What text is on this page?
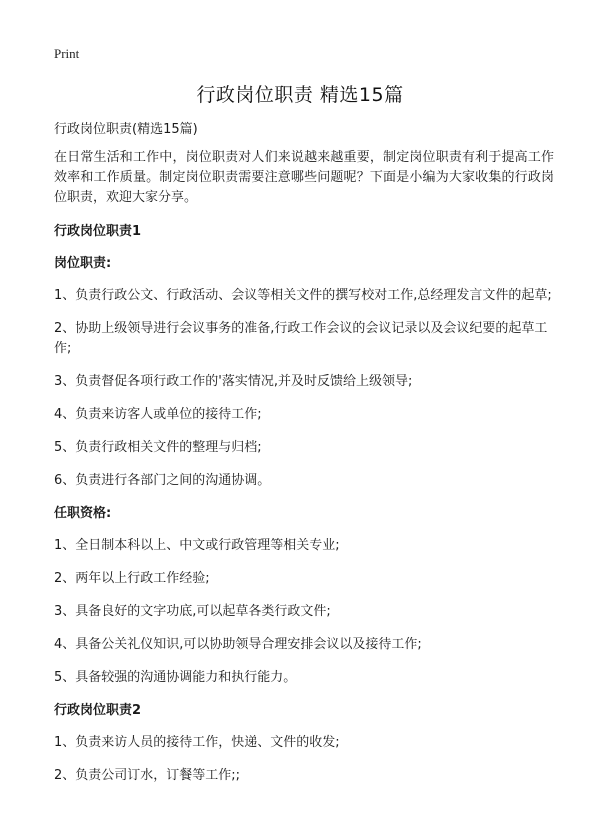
Print
行政岗位职责 精选15篇

行政岗位职责(精选15篇)

在日常生活和工作中，岗位职责对人们来说越来越重要，制定岗位职责有利于提高工作效率和工作质量。制定岗位职责需要注意哪些问题呢？下面是小编为大家收集的行政岗位职责，欢迎大家分享。

行政岗位职责1

岗位职责:

1、负责行政公文、行政活动、会议等相关文件的撰写校对工作,总经理发言文件的起草;

2、协助上级领导进行会议事务的准备,行政工作会议的会议记录以及会议纪要的起草工作;

3、负责督促各项行政工作的'落实情况,并及时反馈给上级领导;

4、负责来访客人或单位的接待工作;

5、负责行政相关文件的整理与归档;

6、负责进行各部门之间的沟通协调。

任职资格:

1、全日制本科以上、中文或行政管理等相关专业;

2、两年以上行政工作经验;

3、具备良好的文字功底,可以起草各类行政文件;

4、具备公关礼仪知识,可以协助领导合理安排会议以及接待工作;

5、具备较强的沟通协调能力和执行能力。

行政岗位职责2

1、负责来访人员的接待工作，快递、文件的收发;

2、负责公司订水，订餐等工作;;
